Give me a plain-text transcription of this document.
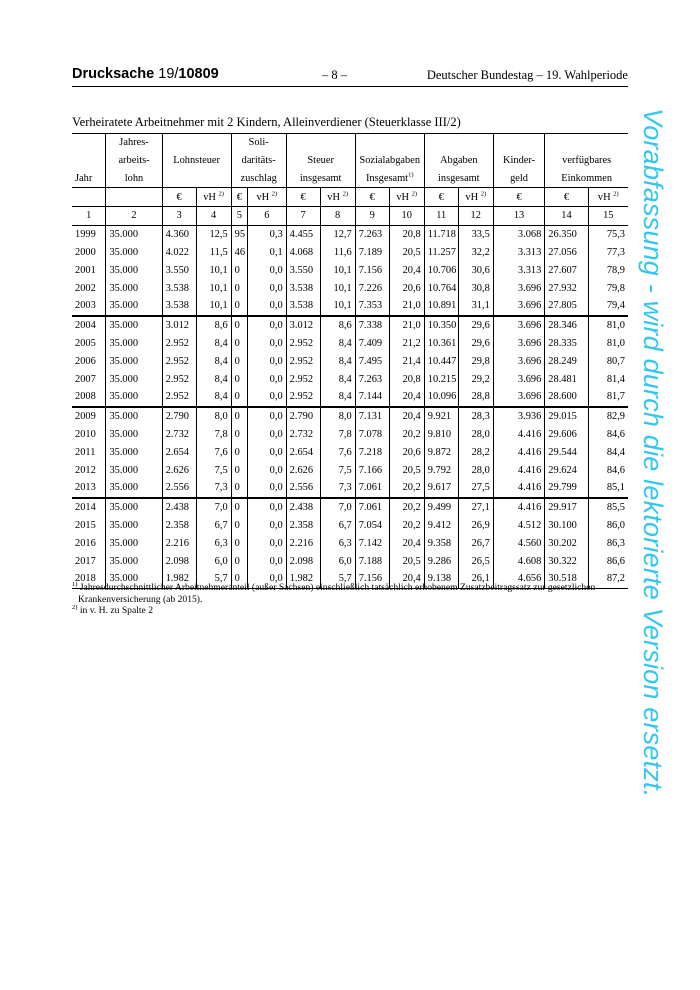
Drucksache 19/10809	– 8 –	Deutscher Bundestag – 19. Wahlperiode
Verheiratete Arbeitnehmer mit 2 Kindern, Alleinverdiener (Steuerklasse III/2)
	Jahres-			Soli-										
	arbeits-	Lohnsteuer		daritäts-		Steuer		Sozialabgaben		Abgaben		Kinder-	verfügbares	
Jahr	lohn			zuschlag		insgesamt		Insgesamt$^{1)}$		insgesamt		geld	Einkommen	
		€	vH $^{2)}$	€	vH $^{2)}$	€	vH $^{2)}$	€	vH $^{2)}$	€	vH $^{2)}$	€	€	vH $^{2)}$
1	2	3	4	5	6	7	8	9	10	11	12	13	14	15
1999	35.000	4.360	12,5	95	0,3	4.455	12,7	7.263	20,8	11.718	33,5	3.068	26.350	75,3
2000	35.000	4.022	11,5	46	0,1	4.068	11,6	7.189	20,5	11.257	32,2	3.313	27.056	77,3
2001	35.000	3.550	10,1	0	0,0	3.550	10,1	7.156	20,4	10.706	30,6	3.313	27.607	78,9
2002	35.000	3.538	10,1	0	0,0	3.538	10,1	7.226	20,6	10.764	30,8	3.696	27.932	79,8
2003	35.000	3.538	10,1	0	0,0	3.538	10,1	7.353	21,0	10.891	31,1	3.696	27.805	79,4
2004	35.000	3.012	8,6	0	0,0	3.012	8,6	7.338	21,0	10.350	29,6	3.696	28.346	81,0
2005	35.000	2.952	8,4	0	0,0	2.952	8,4	7.409	21,2	10.361	29,6	3.696	28.335	81,0
2006	35.000	2.952	8,4	0	0,0	2.952	8,4	7.495	21,4	10.447	29,8	3.696	28.249	80,7
2007	35.000	2.952	8,4	0	0,0	2.952	8,4	7.263	20,8	10.215	29,2	3.696	28.481	81,4
2008	35.000	2.952	8,4	0	0,0	2.952	8,4	7.144	20,4	10.096	28,8	3.696	28.600	81,7
2009	35.000	2.790	8,0	0	0,0	2.790	8,0	7.131	20,4	9.921	28,3	3.936	29.015	82,9
2010	35.000	2.732	7,8	0	0,0	2.732	7,8	7.078	20,2	9.810	28,0	4.416	29.606	84,6
2011	35.000	2.654	7,6	0	0,0	2.654	7,6	7.218	20,6	9.872	28,2	4.416	29.544	84,4
2012	35.000	2.626	7,5	0	0,0	2.626	7,5	7.166	20,5	9.792	28,0	4.416	29.624	84,6
2013	35.000	2.556	7,3	0	0,0	2.556	7,3	7.061	20,2	9.617	27,5	4.416	29.799	85,1
2014	35.000	2.438	7,0	0	0,0	2.438	7,0	7.061	20,2	9.499	27,1	4.416	29.917	85,5
2015	35.000	2.358	6,7	0	0,0	2.358	6,7	7.054	20,2	9.412	26,9	4.512	30.100	86,0
2016	35.000	2.216	6,3	0	0,0	2.216	6,3	7.142	20,4	9.358	26,7	4.560	30.202	86,3
2017	35.000	2.098	6,0	0	0,0	2.098	6,0	7.188	20,5	9.286	26,5	4.608	30.322	86,6
2018	35.000	1.982	5,7	0	0,0	1.982	5,7	7.156	20,4	9.138	26,1	4.656	30.518	87,2
$^{1)}$ Jahresdurchschnittlicher Arbeitnehmeranteil (außer Sachsen) einschließlich tatsächlich erhobenem Zusatzbeitragssatz zur gesetzlichen
Krankenversicherung (ab 2015).
$^{2)}$ in v. H. zu Spalte 2	Vorabfassung - wird durch die lektorierte Version ersetzt.
